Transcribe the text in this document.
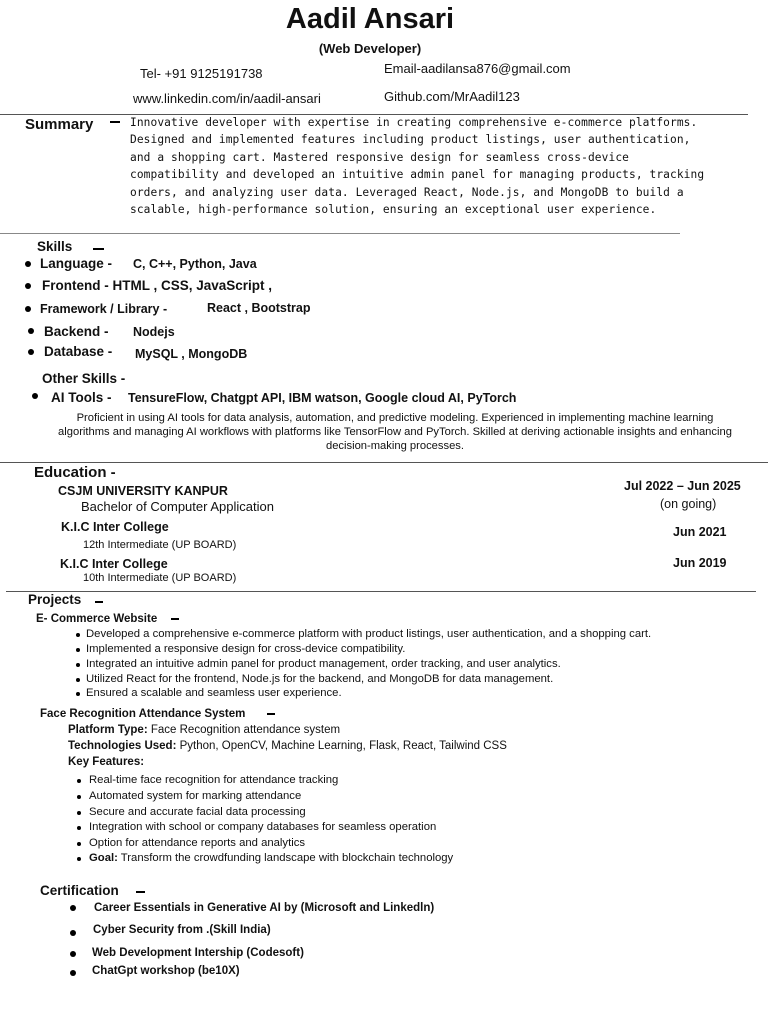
Aadil Ansari
(Web Developer)
Tel- +91 9125191738	Email-aadilansa876@gmail.com
www.linkedin.com/in/aadil-ansari	Github.com/MrAadil123
Summary	Innovative developer with expertise in creating comprehensive e-commerce platforms. Designed and implemented features including product listings, user authentication, and a shopping cart. Mastered responsive design for seamless cross-device compatibility and developed an intuitive admin panel for managing products, tracking orders, and analyzing user data. Leveraged React, Node.js, and MongoDB to build a scalable, high-performance solution, ensuring an exceptional user experience.
Skills
Language - C, C++, Python, Java
Frontend - HTML , CSS, JavaScript ,
Framework / Library -	React , Bootstrap
Backend - Nodejs
Database - MySQL , MongoDB
Other Skills -
AI Tools - TensureFlow, Chatgpt API, IBM watson, Google cloud AI, PyTorch
Proficient in using AI tools for data analysis, automation, and predictive modeling. Experienced in implementing machine learning algorithms and managing AI workflows with platforms like TensorFlow and PyTorch. Skilled at deriving actionable insights and enhancing decision-making processes.
Education -
CSJM UNIVERSITY KANPUR
Bachelor of Computer Application
Jul 2022 – Jun 2025
(on going)
K.I.C Inter College
12th Intermediate (UP BOARD)
Jun 2021
K.I.C Inter College
10th Intermediate (UP BOARD)
Jun 2019
Projects
E- Commerce Website
Developed a comprehensive e-commerce platform with product listings, user authentication, and a shopping cart.
Implemented a responsive design for cross-device compatibility.
Integrated an intuitive admin panel for product management, order tracking, and user analytics.
Utilized React for the frontend, Node.js for the backend, and MongoDB for data management.
Ensured a scalable and seamless user experience.
Face Recognition Attendance System
Platform Type: Face Recognition attendance system
Technologies Used: Python, OpenCV, Machine Learning, Flask, React, Tailwind CSS
Key Features:
Real-time face recognition for attendance tracking
Automated system for marking attendance
Secure and accurate facial data processing
Integration with school or company databases for seamless operation
Option for attendance reports and analytics
Goal: Transform the crowdfunding landscape with blockchain technology
Certification
Career Essentials in Generative AI by (Microsoft and Linkedln)
Cyber Security from .(Skill India)
Web Development Intership (Codesoft)
ChatGpt workshop (be10X)
